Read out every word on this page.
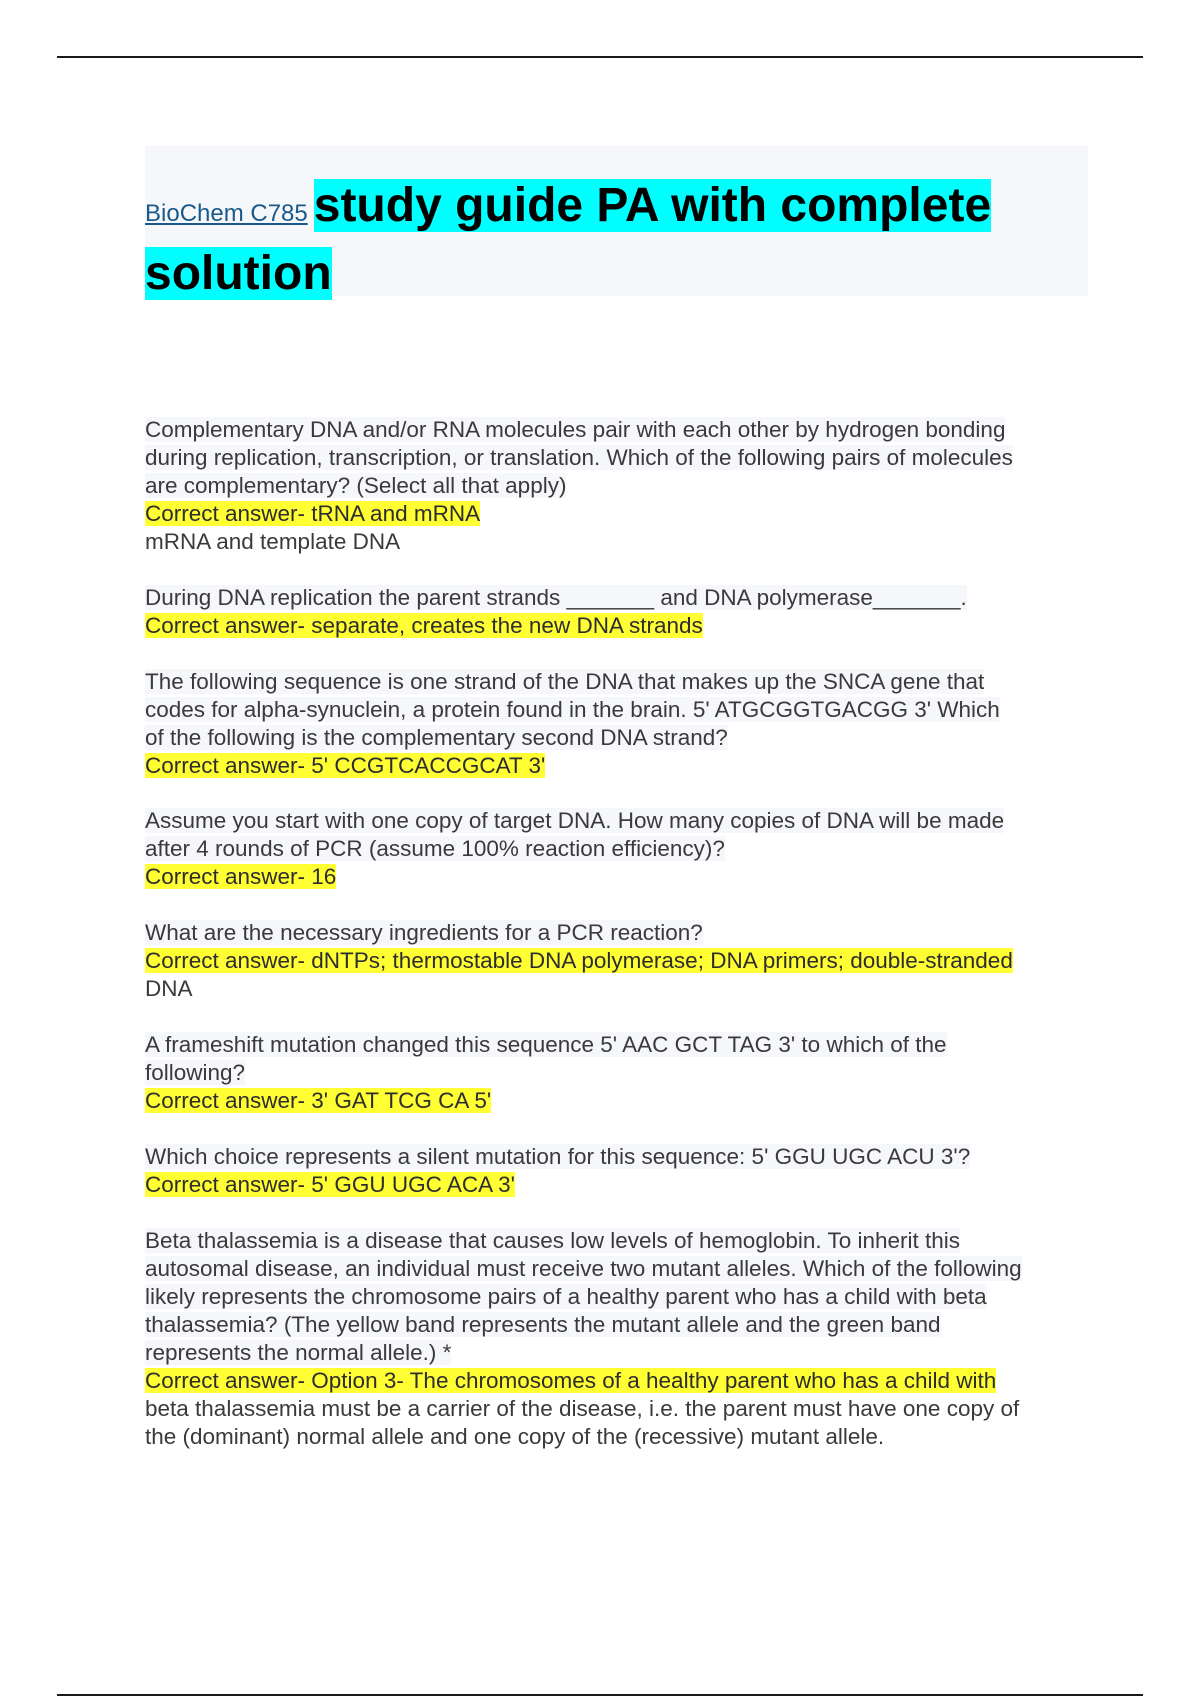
BioChem C785 study guide PA with complete
solution
Complementary DNA and/or RNA molecules pair with each other by hydrogen bonding
during replication, transcription, or translation. Which of the following pairs of molecules
are complementary? (Select all that apply)
Correct answer- tRNA and mRNA
mRNA and template DNA
During DNA replication the parent strands _______ and DNA polymerase_______.
Correct answer- separate, creates the new DNA strands
The following sequence is one strand of the DNA that makes up the SNCA gene that
codes for alpha-synuclein, a protein found in the brain. 5' ATGCGGTGACGG 3' Which
of the following is the complementary second DNA strand?
Correct answer- 5' CCGTCACCGCAT 3'
Assume you start with one copy of target DNA. How many copies of DNA will be made
after 4 rounds of PCR (assume 100% reaction efficiency)?
Correct answer- 16
What are the necessary ingredients for a PCR reaction?
Correct answer- dNTPs; thermostable DNA polymerase; DNA primers; double-stranded
DNA
A frameshift mutation changed this sequence 5' AAC GCT TAG 3' to which of the
following?
Correct answer- 3' GAT TCG CA 5'
Which choice represents a silent mutation for this sequence: 5' GGU UGC ACU 3'?
Correct answer- 5' GGU UGC ACA 3'
Beta thalassemia is a disease that causes low levels of hemoglobin. To inherit this
autosomal disease, an individual must receive two mutant alleles. Which of the following
likely represents the chromosome pairs of a healthy parent who has a child with beta
thalassemia? (The yellow band represents the mutant allele and the green band
represents the normal allele.) *
Correct answer- Option 3- The chromosomes of a healthy parent who has a child with
beta thalassemia must be a carrier of the disease, i.e. the parent must have one copy of
the (dominant) normal allele and one copy of the (recessive) mutant allele.
